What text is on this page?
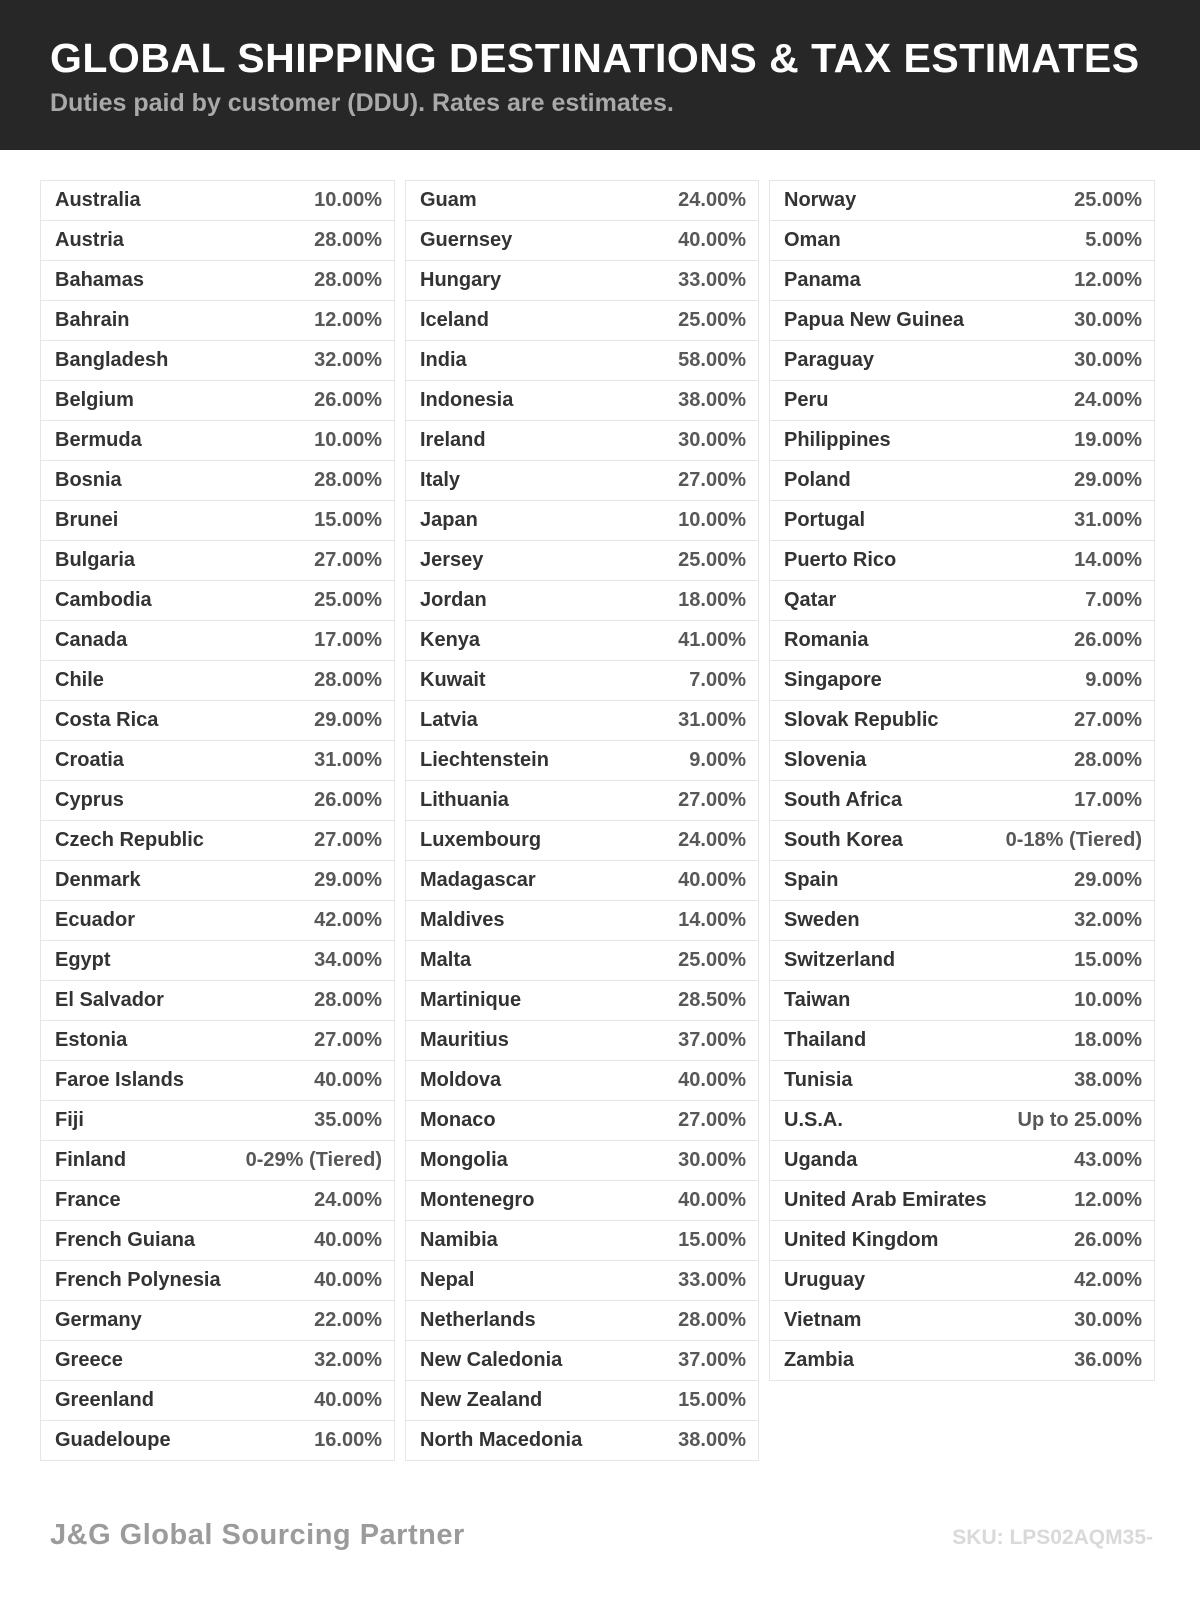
GLOBAL SHIPPING DESTINATIONS & TAX ESTIMATES

Duties paid by customer (DDU). Rates are estimates.

Australia	10.00%
Austria	28.00%
Bahamas	28.00%
Bahrain	12.00%
Bangladesh	32.00%
Belgium	26.00%
Bermuda	10.00%
Bosnia	28.00%
Brunei	15.00%
Bulgaria	27.00%
Cambodia	25.00%
Canada	17.00%
Chile	28.00%
Costa Rica	29.00%
Croatia	31.00%
Cyprus	26.00%
Czech Republic	27.00%
Denmark	29.00%
Ecuador	42.00%
Egypt	34.00%
El Salvador	28.00%
Estonia	27.00%
Faroe Islands	40.00%
Fiji	35.00%
Finland	0-29% (Tiered)
France	24.00%
French Guiana	40.00%
French Polynesia	40.00%
Germany	22.00%
Greece	32.00%
Greenland	40.00%
Guadeloupe	16.00%
Guam	24.00%
Guernsey	40.00%
Hungary	33.00%
Iceland	25.00%
India	58.00%
Indonesia	38.00%
Ireland	30.00%
Italy	27.00%
Japan	10.00%
Jersey	25.00%
Jordan	18.00%
Kenya	41.00%
Kuwait	7.00%
Latvia	31.00%
Liechtenstein	9.00%
Lithuania	27.00%
Luxembourg	24.00%
Madagascar	40.00%
Maldives	14.00%
Malta	25.00%
Martinique	28.50%
Mauritius	37.00%
Moldova	40.00%
Monaco	27.00%
Mongolia	30.00%
Montenegro	40.00%
Namibia	15.00%
Nepal	33.00%
Netherlands	28.00%
New Caledonia	37.00%
New Zealand	15.00%
North Macedonia	38.00%
Norway	25.00%
Oman	5.00%
Panama	12.00%
Papua New Guinea	30.00%
Paraguay	30.00%
Peru	24.00%
Philippines	19.00%
Poland	29.00%
Portugal	31.00%
Puerto Rico	14.00%
Qatar	7.00%
Romania	26.00%
Singapore	9.00%
Slovak Republic	27.00%
Slovenia	28.00%
South Africa	17.00%
South Korea	0-18% (Tiered)
Spain	29.00%
Sweden	32.00%
Switzerland	15.00%
Taiwan	10.00%
Thailand	18.00%
Tunisia	38.00%
U.S.A.	Up to 25.00%
Uganda	43.00%
United Arab Emirates	12.00%
United Kingdom	26.00%
Uruguay	42.00%
Vietnam	30.00%
Zambia	36.00%
J&G Global Sourcing Partner	SKU: LPS02AQM35-
